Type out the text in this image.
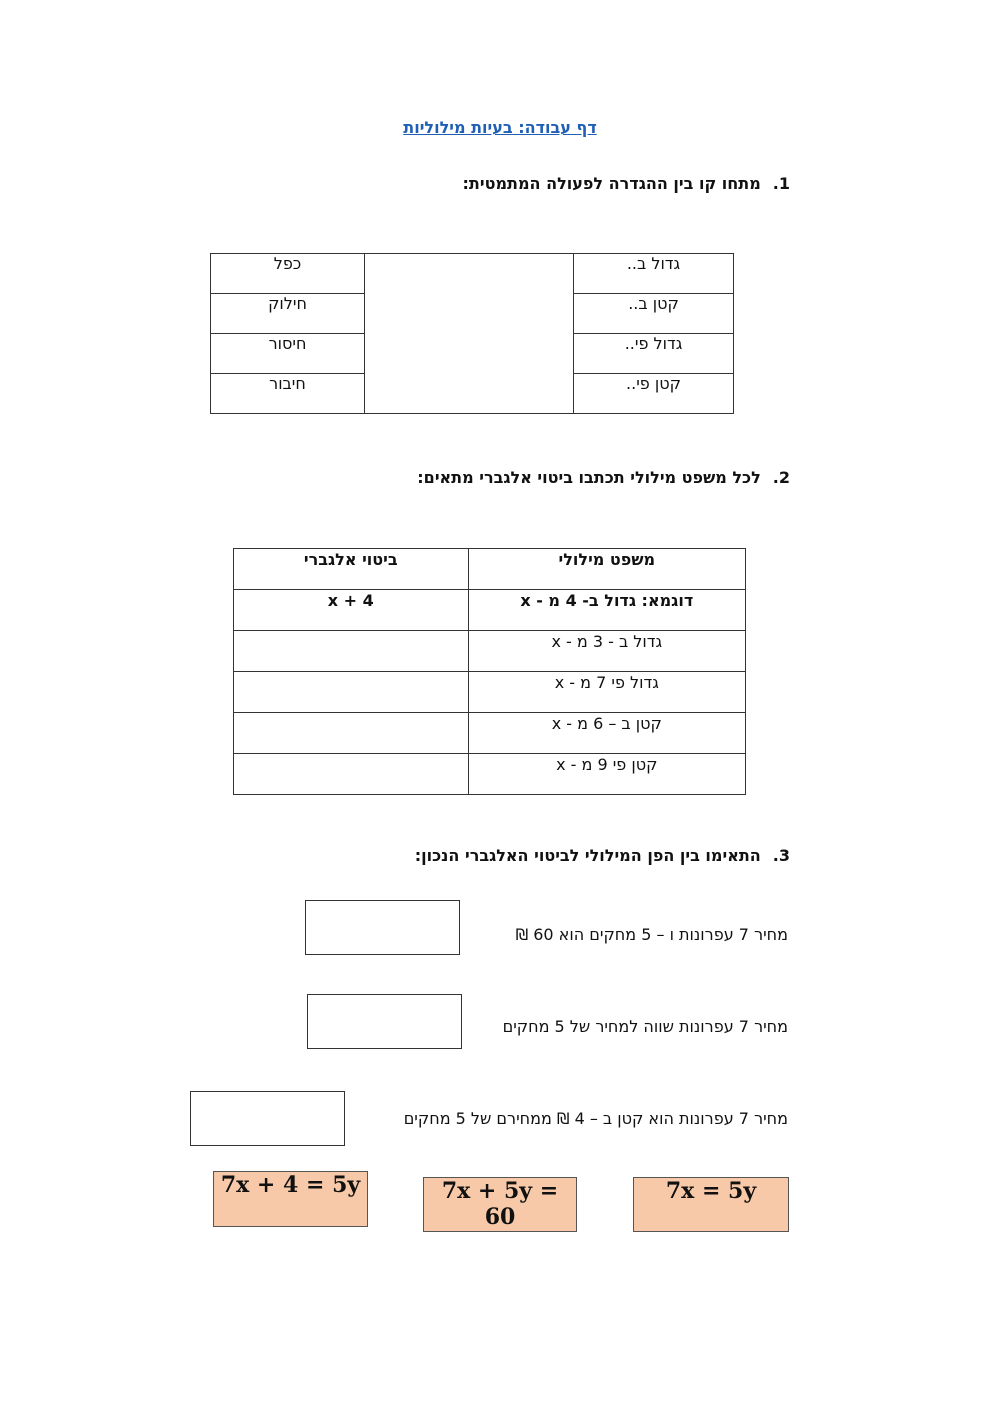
דף עבודה: בעיות מילוליות
1.מתחו קו בין ההגדרה לפעולה המתמטית:
כפל		גדול ב..
חילוק		קטן ב..
חיסור		גדול פי..
חיבור		קטן פי..
2.לכל משפט מילולי תכתבו ביטוי אלגברי מתאים:
ביטוי אלגברי	משפט מילולי
x + 4	דוגמא: גדול ב- 4 מ - x
	גדול ב - 3 מ - x
	גדול פי 7 מ - x
	קטן ב – 6 מ - x
	קטן פי 9 מ - x
3.התאימו בין הפן המילולי לביטוי האלגברי הנכון:
מחיר 7 עפרונות ו – 5 מחקים הוא 60 ₪
מחיר 7 עפרונות שווה למחיר של 5 מחקים
מחיר 7 עפרונות הוא קטן ב – 4 ₪ ממחירם של 5 מחקים
7x + 4 = 5y	7x + 5y = 60
7x = 5y
